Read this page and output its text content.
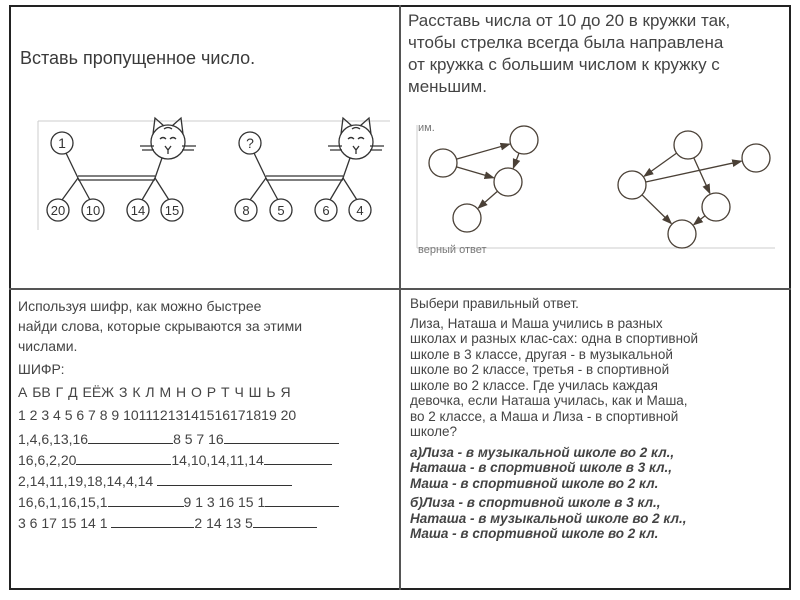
Вставь пропущенное число.
1
20 10 14 15
?
8 5	6 4
Расставь числа от 10 до 20 в кружки так,
чтобы стрелка всегда была направлена
от кружка с большим числом к кружку с
меньшим.
им.
верный ответ
Используя шифр, как можно быстрее
найди слова, которые скрываются за этими
числами.
ШИФР:
А БВ Г Д ЕЁЖ З К Л М Н О Р Т Ч Ш Ь Я
1 2 3 4 5 6 7 8 9 10111213141516171819 20
1,4,6,13,16	8 5 7 16
16,6,2,20	14,10,14,11,14
2,14,11,19,18,14,4,14
16,6,1,16,15,1	9 1 3 16 15 1
3 6 17 15 14 1	2 14 13 5
Выбери правильный ответ.
Лиза, Наташа и Маша учились в разных
школах и разных клас-сах: одна в спортивной
школе в 3 классе, другая - в музыкальной
школе во 2 классе, третья - в спортивной
школе во 2 классе. Где училась каждая
девочка, если Наташа училась, как и Маша,
во 2 классе, а Маша и Лиза - в спортивной
школе?
а)Лиза - в музыкальной школе во 2 кл.,
Наташа - в спортивной школе в 3 кл.,
Маша - в спортивной школе во 2 кл.
б)Лиза - в спортивной школе в 3 кл.,
Наташа - в музыкальной школе во 2 кл.,
Маша - в спортивной школе во 2 кл.
